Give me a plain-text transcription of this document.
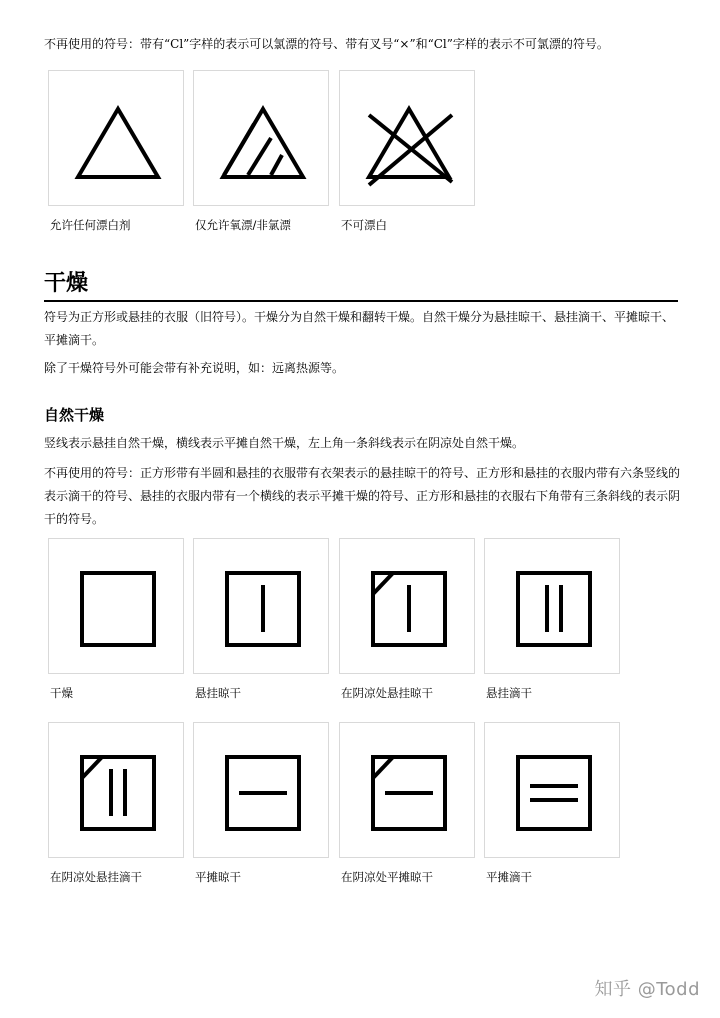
不再使用的符号：带有“Cl”字样的表示可以氯漂的符号、带有叉号“×”和“Cl”字样的表示不可氯漂的符号。
允许任何漂白剂	仅允许氧漂/非氯漂	不可漂白
干燥
符号为正方形或悬挂的衣服（旧符号）。干燥分为自然干燥和翻转干燥。自然干燥分为悬挂晾干、悬挂滴干、平摊晾干、平摊滴干。
除了干燥符号外可能会带有补充说明，如：远离热源等。
自然干燥
竖线表示悬挂自然干燥，横线表示平摊自然干燥，左上角一条斜线表示在阴凉处自然干燥。
不再使用的符号：正方形带有半圆和悬挂的衣服带有衣架表示的悬挂晾干的符号、正方形和悬挂的衣服内带有六条竖线的表示滴干的符号、悬挂的衣服内带有一个横线的表示平摊干燥的符号、正方形和悬挂的衣服右下角带有三条斜线的表示阴干的符号。
干燥	悬挂晾干	在阴凉处悬挂晾干	悬挂滴干
在阴凉处悬挂滴干	平摊晾干	在阴凉处平摊晾干	平摊滴干
知乎 @Todd
